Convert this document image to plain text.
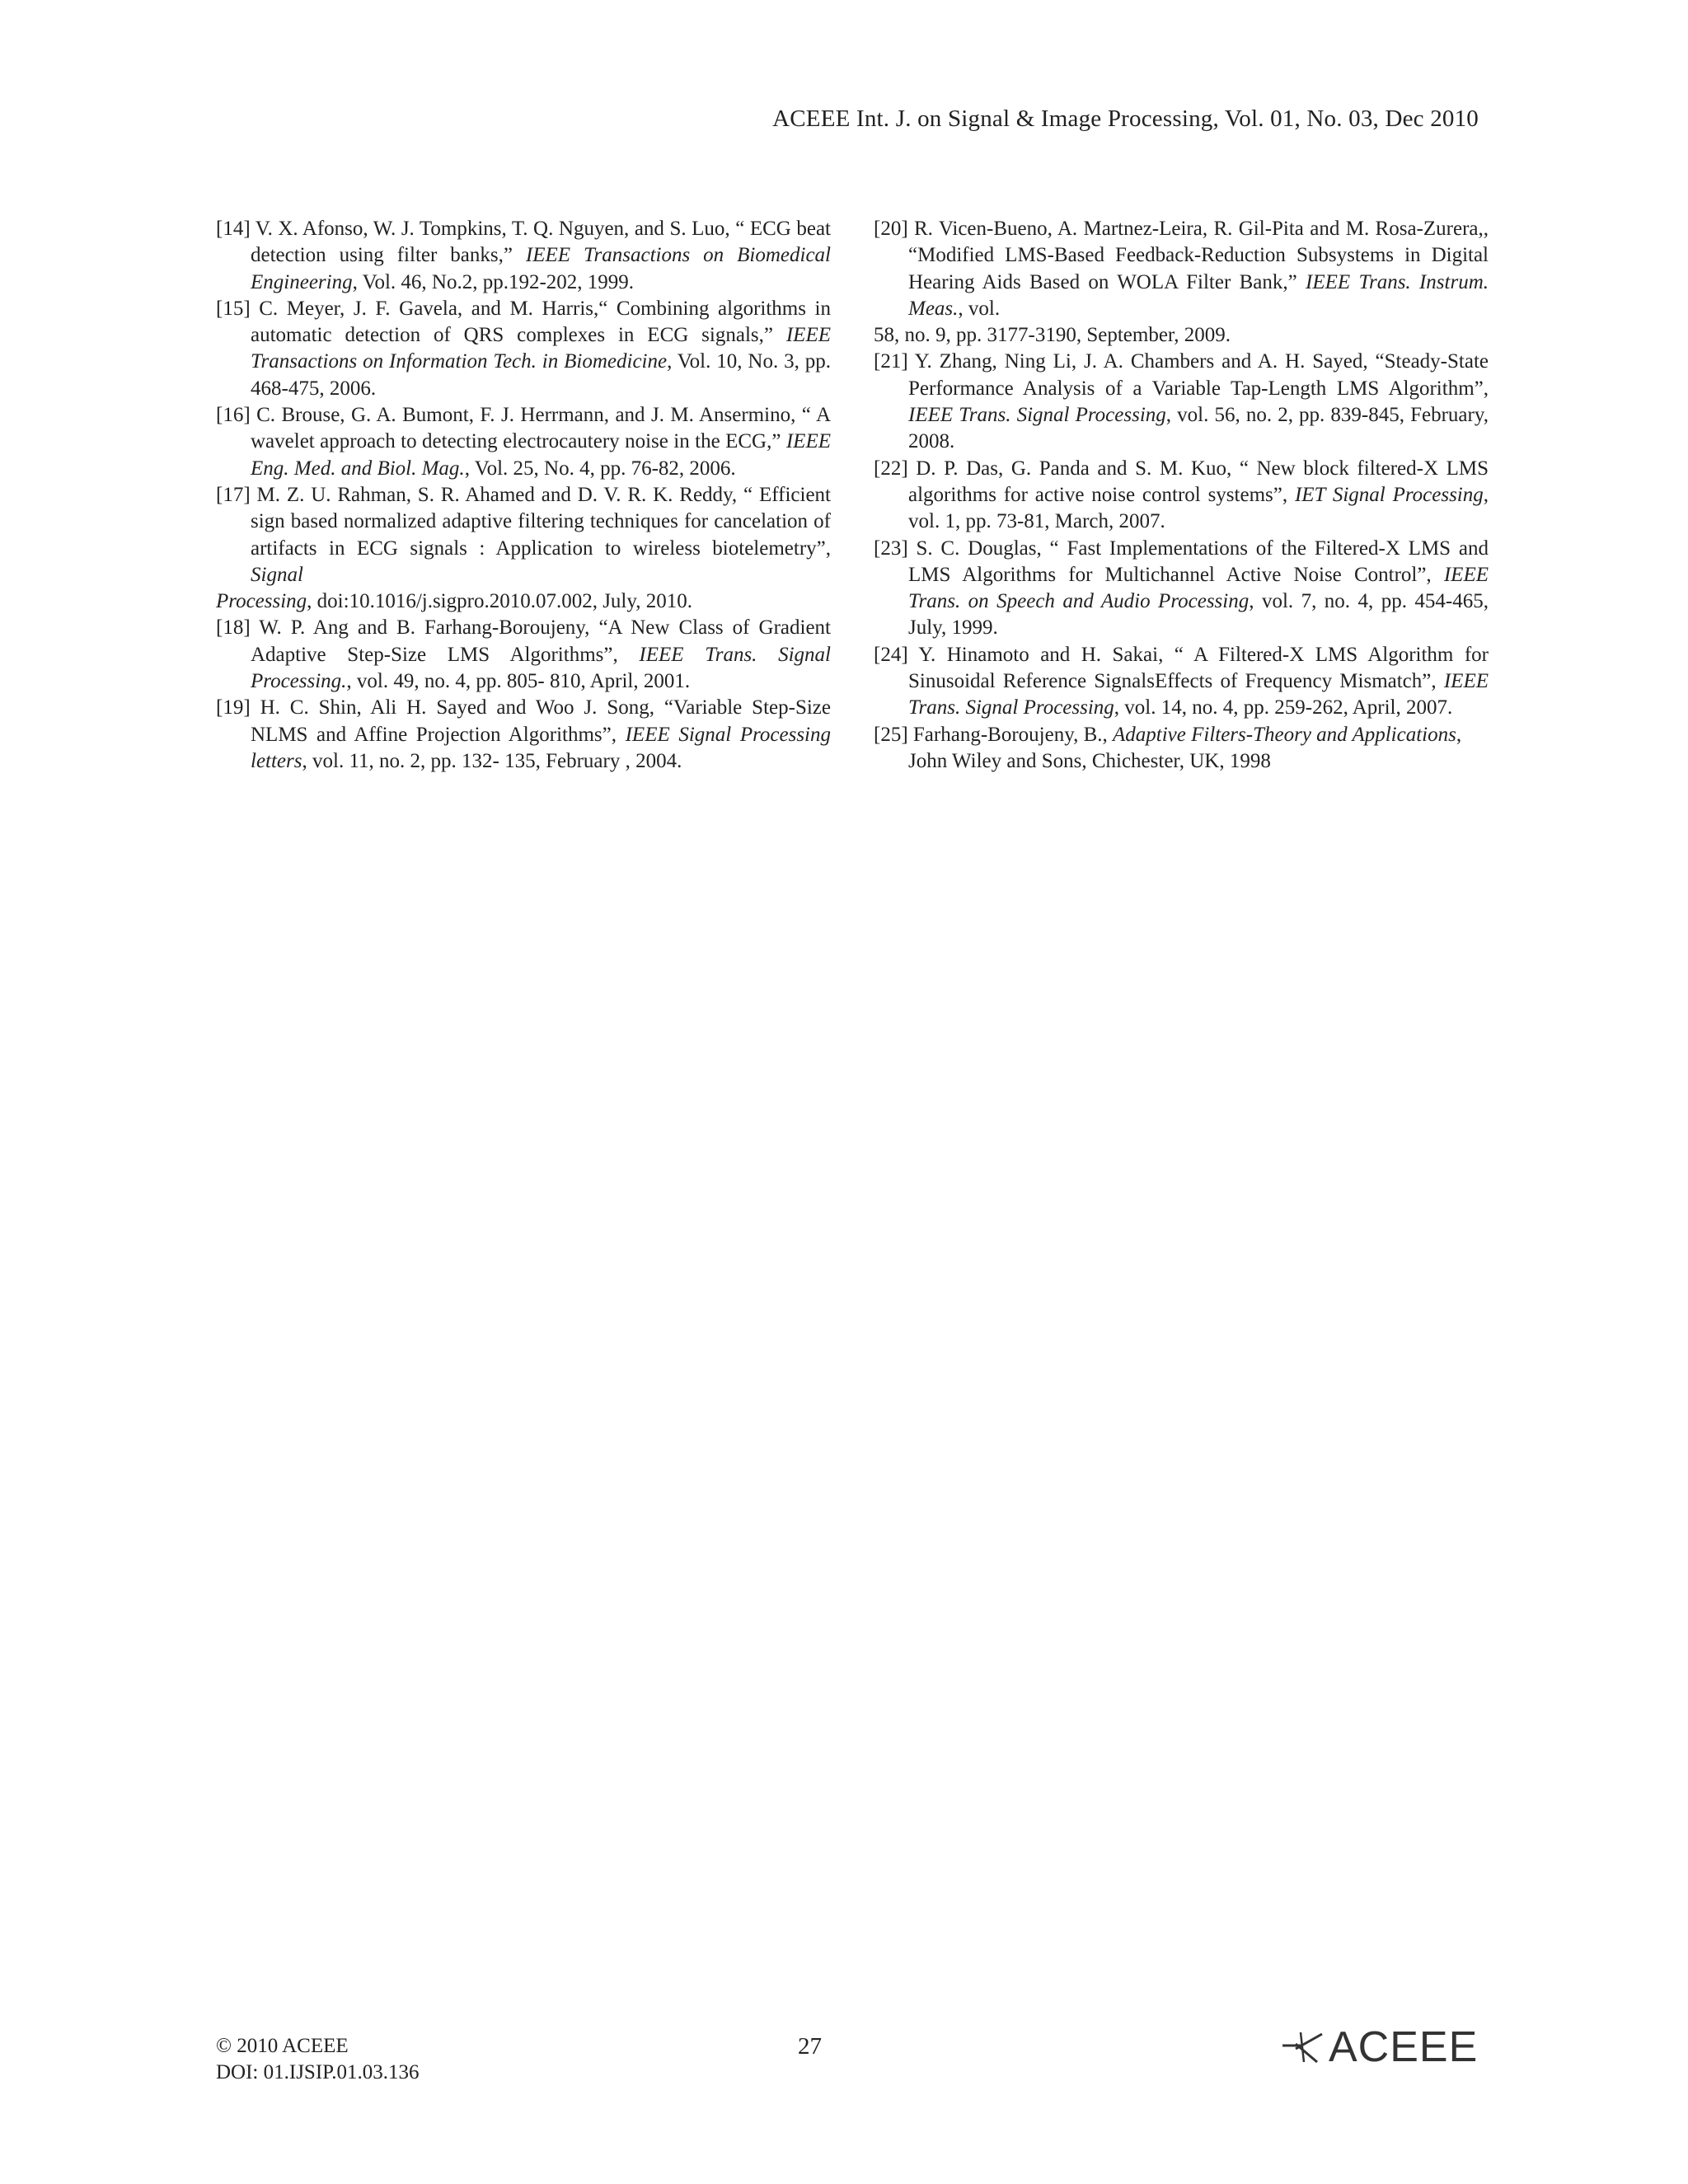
ACEEE Int. J. on Signal & Image Processing, Vol. 01, No. 03, Dec 2010

[14] V. X. Afonso, W. J. Tompkins, T. Q. Nguyen, and S. Luo, “ ECG beat detection using filter banks,” IEEE Transactions on Biomedical Engineering, Vol. 46, No.2, pp.192-202, 1999.

[15] C. Meyer, J. F. Gavela, and M. Harris,“ Combining algorithms in automatic detection of QRS complexes in ECG signals,” IEEE Transactions on Information Tech. in Biomedicine, Vol. 10, No. 3, pp. 468-475, 2006.

[16] C. Brouse, G. A. Bumont, F. J. Herrmann, and J. M. Ansermino, “ A wavelet approach to detecting electrocautery noise in the ECG,” IEEE Eng. Med. and Biol. Mag., Vol. 25, No. 4, pp. 76-82, 2006.

[17] M. Z. U. Rahman, S. R. Ahamed and D. V. R. K. Reddy, “ Efficient sign based normalized adaptive filtering techniques for cancelation of artifacts in ECG signals : Application to wireless biotelemetry”, Signal

Processing, doi:10.1016/j.sigpro.2010.07.002, July, 2010.

[18] W. P. Ang and B. Farhang-Boroujeny, “A New Class of Gradient Adaptive Step-Size LMS Algorithms”, IEEE Trans. Signal Processing., vol. 49, no. 4, pp. 805- 810, April, 2001.

[19] H. C. Shin, Ali H. Sayed and Woo J. Song, “Variable Step-Size NLMS and Affine Projection Algorithms”, IEEE Signal Processing letters, vol. 11, no. 2, pp. 132- 135, February , 2004.

[20] R. Vicen-Bueno, A. Martnez-Leira, R. Gil-Pita and M. Rosa-Zurera,, “Modified LMS-Based Feedback-Reduction Subsystems in Digital Hearing Aids Based on WOLA Filter Bank,” IEEE Trans. Instrum. Meas., vol.

58, no. 9, pp. 3177-3190, September, 2009.

[21] Y. Zhang, Ning Li, J. A. Chambers and A. H. Sayed, “Steady-State Performance Analysis of a Variable Tap-Length LMS Algorithm”, IEEE Trans. Signal Processing, vol. 56, no. 2, pp. 839-845, February, 2008.

[22] D. P. Das, G. Panda and S. M. Kuo, “ New block filtered-X LMS algorithms for active noise control systems”, IET Signal Processing, vol. 1, pp. 73-81, March, 2007.

[23] S. C. Douglas, “ Fast Implementations of the Filtered-X LMS and LMS Algorithms for Multichannel Active Noise Control”, IEEE Trans. on Speech and Audio Processing, vol. 7, no. 4, pp. 454-465, July, 1999.

[24] Y. Hinamoto and H. Sakai, “ A Filtered-X LMS Algorithm for Sinusoidal Reference SignalsEffects of Frequency Mismatch”, IEEE Trans. Signal Processing, vol. 14, no. 4, pp. 259-262, April, 2007.

[25] Farhang-Boroujeny, B., Adaptive Filters-Theory and Applications, John Wiley and Sons, Chichester, UK, 1998

© 2010 ACEEE
DOI: 01.IJSIP.01.03.136
27	ACEEE
